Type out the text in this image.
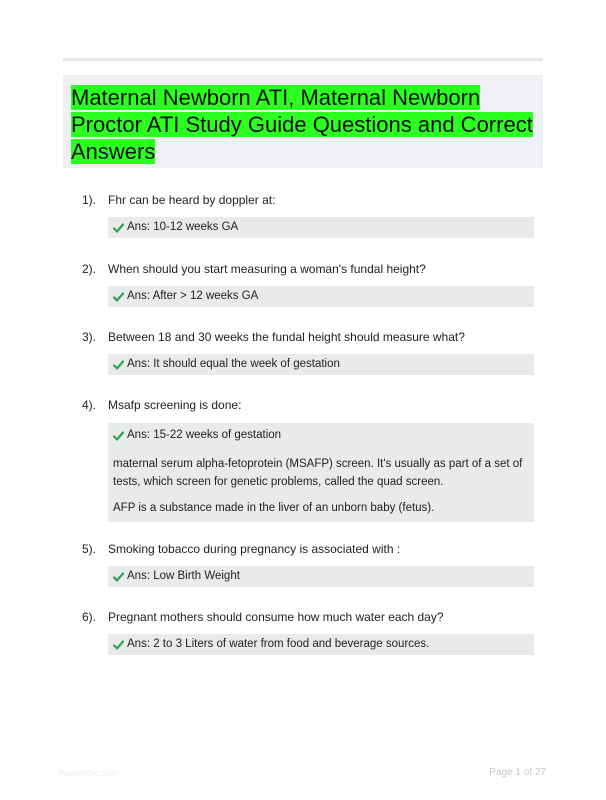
Maternal Newborn ATI, Maternal Newborn Proctor ATI Study Guide Questions and Correct Answers
1). Fhr can be heard by doppler at:
Ans: 10-12 weeks GA
2). When should you start measuring a woman's fundal height?
Ans: After > 12 weeks GA
3). Between 18 and 30 weeks the fundal height should measure what?
Ans: It should equal the week of gestation
4). Msafp screening is done:
Ans: 15-22 weeks of gestation

maternal serum alpha-fetoprotein (MSAFP) screen. It's usually as part of a set of tests, which screen for genetic problems, called the quad screen.

AFP is a substance made in the liver of an unborn baby (fetus).

5). Smoking tobacco during pregnancy is associated with :
Ans: Low Birth Weight
6). Pregnant mothers should consume how much water each day?
Ans: 2 to 3 Liters of water from food and beverage sources.
Paperbtbc.com	Page 1 of 27
